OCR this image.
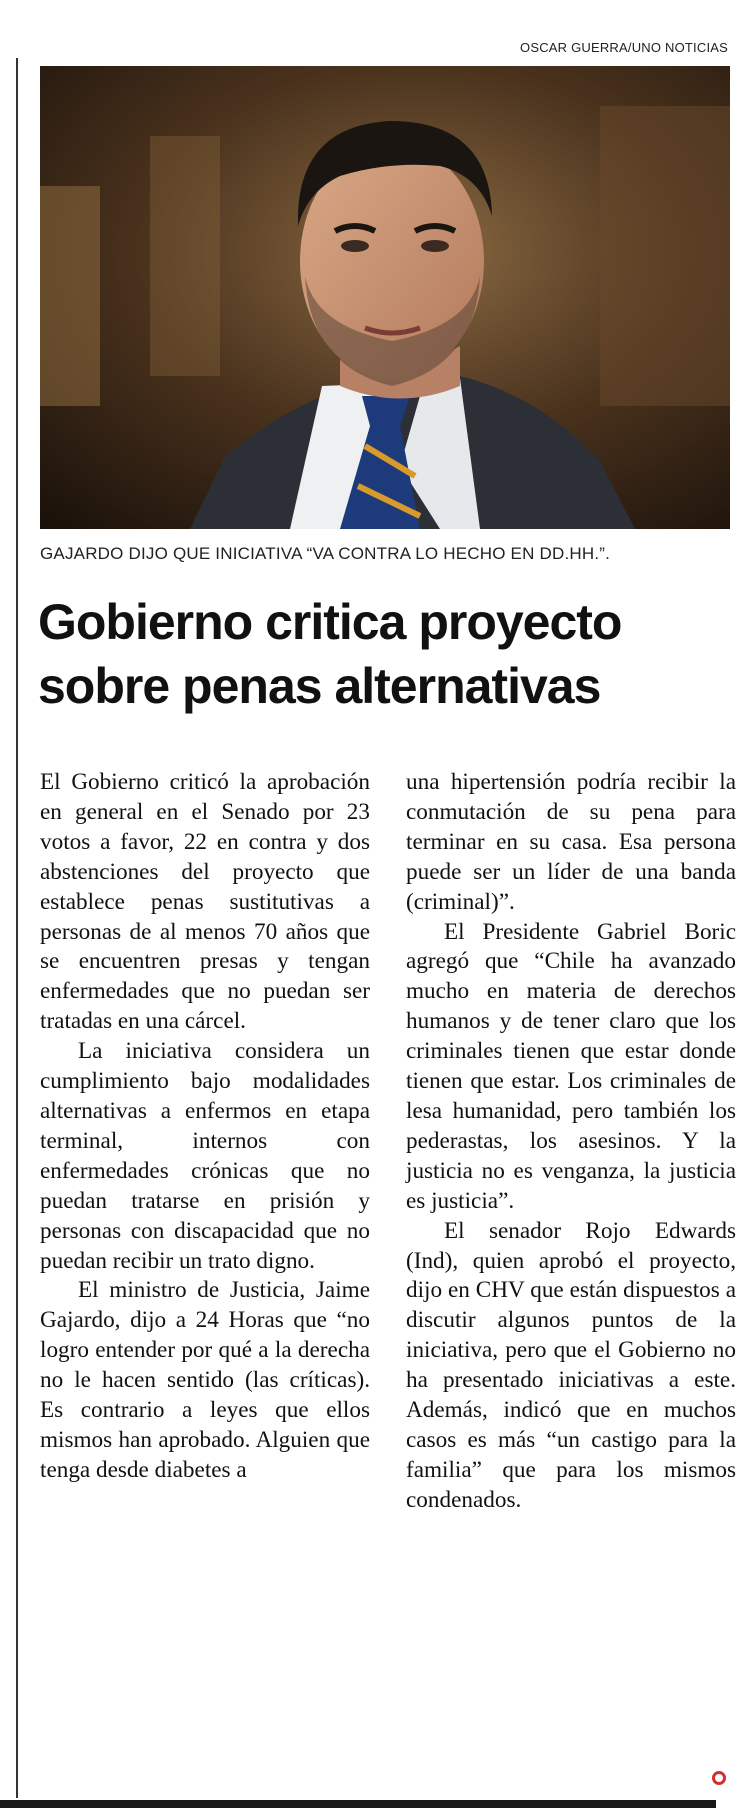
OSCAR GUERRA/UNO NOTICIAS
GAJARDO DIJO QUE INICIATIVA “VA CONTRA LO HECHO EN DD.HH.”.
Gobierno critica proyecto
sobre penas alternativas

El Gobierno criticó la aprobación en general en el Senado por 23 votos a favor, 22 en contra y dos abstenciones del proyecto que establece penas sustitutivas a personas de al menos 70 años que se encuentren presas y tengan enfermedades que no puedan ser tratadas en una cárcel.

La iniciativa considera un cumplimiento bajo modalidades alternativas a enfermos en etapa terminal, internos con enfermedades crónicas que no puedan tratarse en prisión y personas con discapacidad que no puedan recibir un trato digno.

El ministro de Justicia, Jaime Gajardo, dijo a 24 Horas que “no logro entender por qué a la derecha no le hacen sentido (las críticas). Es contrario a leyes que ellos mismos han aprobado. Alguien que tenga desde diabetes a

una hipertensión podría recibir la conmutación de su pena para terminar en su casa. Esa persona puede ser un líder de una banda (criminal)”.

El Presidente Gabriel Boric agregó que “Chile ha avanzado mucho en materia de derechos humanos y de tener claro que los criminales tienen que estar donde tienen que estar. Los criminales de lesa humanidad, pero también los pederastas, los asesinos. Y la justicia no es venganza, la justicia es justicia”.

El senador Rojo Edwards (Ind), quien aprobó el proyecto, dijo en CHV que están dispuestos a discutir algunos puntos de la iniciativa, pero que el Gobierno no ha presentado iniciativas a este. Además, indicó que en muchos casos es más “un castigo para la familia” que para los mismos condenados.
